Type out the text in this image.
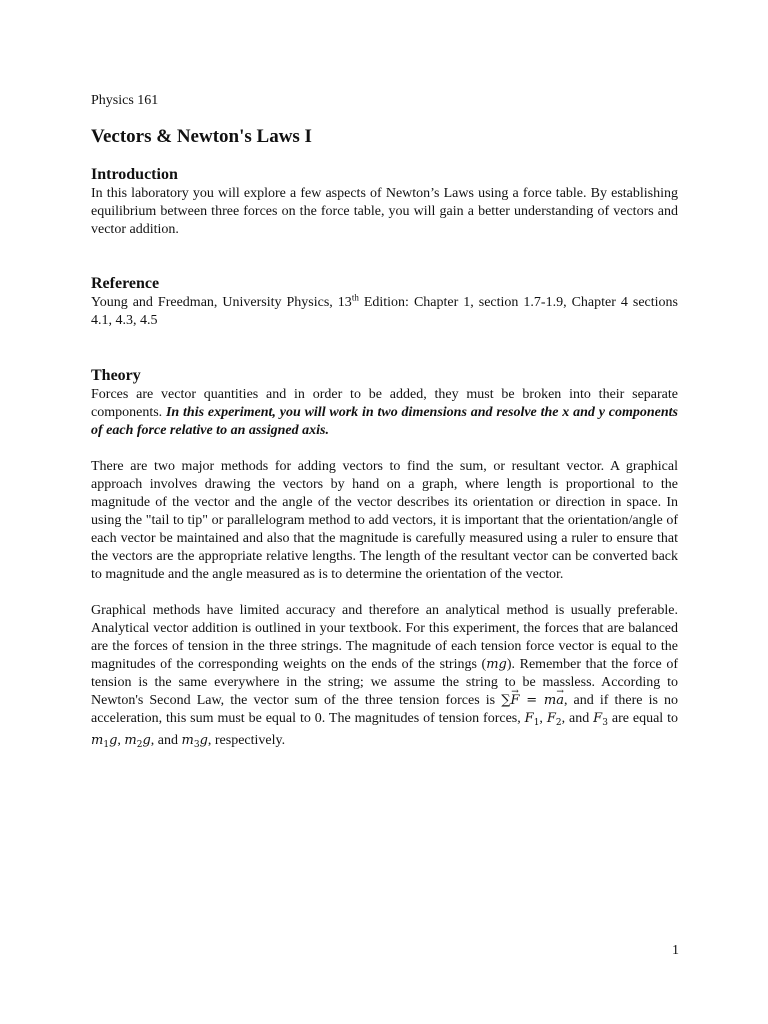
Physics 161

Vectors & Newton's Laws I
Introduction

In this laboratory you will explore a few aspects of Newton’s Laws using a force table. By establishing equilibrium between three forces on the force table, you will gain a better understanding of vectors and vector addition.

Reference

Young and Freedman, University Physics, 13th Edition: Chapter 1, section 1.7-1.9, Chapter 4 sections 4.1, 4.3, 4.5

Theory

Forces are vector quantities and in order to be added, they must be broken into their separate components. In this experiment, you will work in two dimensions and resolve the x and y components of each force relative to an assigned axis.

There are two major methods for adding vectors to find the sum, or resultant vector. A graphical approach involves drawing the vectors by hand on a graph, where length is proportional to the magnitude of the vector and the angle of the vector describes its orientation or direction in space. In using the "tail to tip" or parallelogram method to add vectors, it is important that the orientation/angle of each vector be maintained and also that the magnitude is carefully measured using a ruler to ensure that the vectors are the appropriate relative lengths. The length of the resultant vector can be converted back to magnitude and the angle measured as is to determine the orientation of the vector.

Graphical methods have limited accuracy and therefore an analytical method is usually preferable. Analytical vector addition is outlined in your textbook. For this experiment, the forces that are balanced are the forces of tension in the three strings. The magnitude of each tension force vector is equal to the magnitudes of the corresponding weights on the ends of the strings (mg). Remember that the force of tension is the same everywhere in the string; we assume the string to be massless. According to Newton's Second Law, the vector sum of the three tension forces is ∑→ F = m→ a, and if there is no acceleration, this sum must be equal to 0. The magnitudes of tension forces, $F_1$, $F_2$, and $F_3$ are equal to $m_1g$, $m_2g$, and $m_3g$, respectively.

1
